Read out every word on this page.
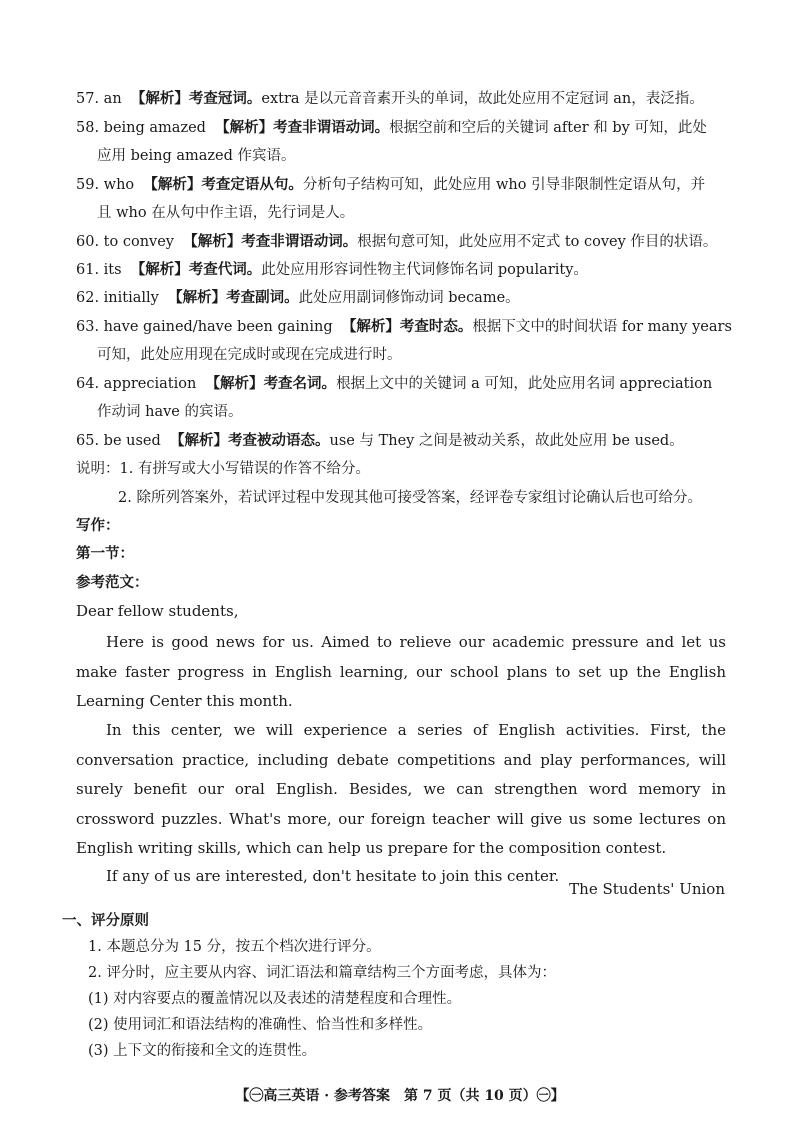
57. an 【解析】考查冠词。extra 是以元音音素开头的单词，故此处应用不定冠词 an，表泛指。
58. being amazed 【解析】考查非谓语动词。根据空前和空后的关键词 after 和 by 可知，此处
应用 being amazed 作宾语。
59. who 【解析】考查定语从句。分析句子结构可知，此处应用 who 引导非限制性定语从句，并
且 who 在从句中作主语，先行词是人。
60. to convey 【解析】考查非谓语动词。根据句意可知，此处应用不定式 to covey 作目的状语。
61. its 【解析】考查代词。此处应用形容词性物主代词修饰名词 popularity。
62. initially 【解析】考查副词。此处应用副词修饰动词 became。
63. have gained/have been gaining 【解析】考查时态。根据下文中的时间状语 for many years
可知，此处应用现在完成时或现在完成进行时。
64. appreciation 【解析】考查名词。根据上文中的关键词 a 可知，此处应用名词 appreciation
作动词 have 的宾语。
65. be used 【解析】考查被动语态。use 与 They 之间是被动关系，故此处应用 be used。
说明：1. 有拼写或大小写错误的作答不给分。
2. 除所列答案外，若试评过程中发现其他可接受答案，经评卷专家组讨论确认后也可给分。
写作：
第一节：
参考范文：
Dear fellow students,
Here is good news for us. Aimed to relieve our academic pressure and let us make faster progress in English learning, our school plans to set up the English Learning Center this month.
In this center, we will experience a series of English activities. First, the conversation practice, including debate competitions and play performances, will surely benefit our oral English. Besides, we can strengthen word memory in crossword puzzles. What's more, our foreign teacher will give us some lectures on English writing skills, which can help us prepare for the composition contest.
If any of us are interested, don't hesitate to join this center.
The Students' Union
一、评分原则
1. 本题总分为 15 分，按五个档次进行评分。
2. 评分时，应主要从内容、词汇语法和篇章结构三个方面考虑，具体为：
(1) 对内容要点的覆盖情况以及表述的清楚程度和合理性。
(2) 使用词汇和语法结构的准确性、恰当性和多样性。
(3) 上下文的衔接和全文的连贯性。
【㊀高三英语 · 参考答案　第 7 页（共 10 页）㊀】
